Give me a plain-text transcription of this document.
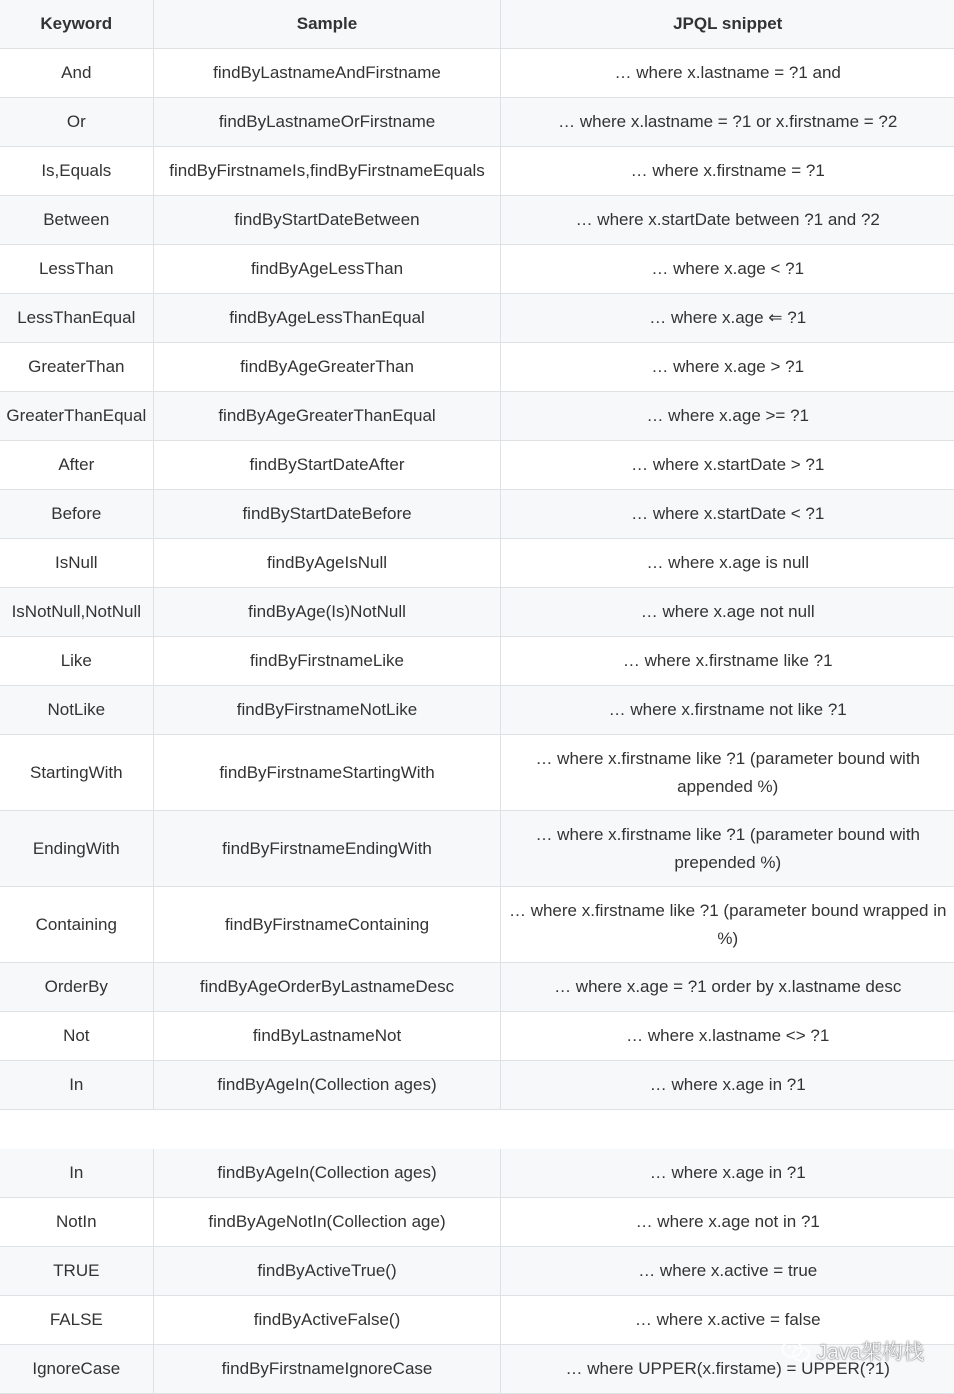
Keyword	Sample	JPQL snippet
And	findByLastnameAndFirstname	… where x.lastname = ?1 and
Or	findByLastnameOrFirstname	… where x.lastname = ?1 or x.firstname = ?2
Is,Equals	findByFirstnameIs,findByFirstnameEquals	… where x.firstname = ?1
Between	findByStartDateBetween	… where x.startDate between ?1 and ?2
LessThan	findByAgeLessThan	… where x.age < ?1
LessThanEqual	findByAgeLessThanEqual	… where x.age ⇐ ?1
GreaterThan	findByAgeGreaterThan	… where x.age > ?1
GreaterThanEqual	findByAgeGreaterThanEqual	… where x.age >= ?1
After	findByStartDateAfter	… where x.startDate > ?1
Before	findByStartDateBefore	… where x.startDate < ?1
IsNull	findByAgeIsNull	… where x.age is null
IsNotNull,NotNull	findByAge(Is)NotNull	… where x.age not null
Like	findByFirstnameLike	… where x.firstname like ?1
NotLike	findByFirstnameNotLike	… where x.firstname not like ?1
StartingWith	findByFirstnameStartingWith	… where x.firstname like ?1 (parameter bound with appended %)
EndingWith	findByFirstnameEndingWith	… where x.firstname like ?1 (parameter bound with prepended %)
Containing	findByFirstnameContaining	… where x.firstname like ?1 (parameter bound wrapped in %)
OrderBy	findByAgeOrderByLastnameDesc	… where x.age = ?1 order by x.lastname desc
Not	findByLastnameNot	… where x.lastname <> ?1
In	findByAgeIn(Collection ages)	… where x.age in ?1
In	findByAgeIn(Collection ages)	… where x.age in ?1
NotIn	findByAgeNotIn(Collection age)	… where x.age not in ?1
TRUE	findByActiveTrue()	… where x.active = true
FALSE	findByActiveFalse()	… where x.active = false
IgnoreCase	findByFirstnameIgnoreCase	… where UPPER(x.firstame) = UPPER(?1)
Java架构栈
